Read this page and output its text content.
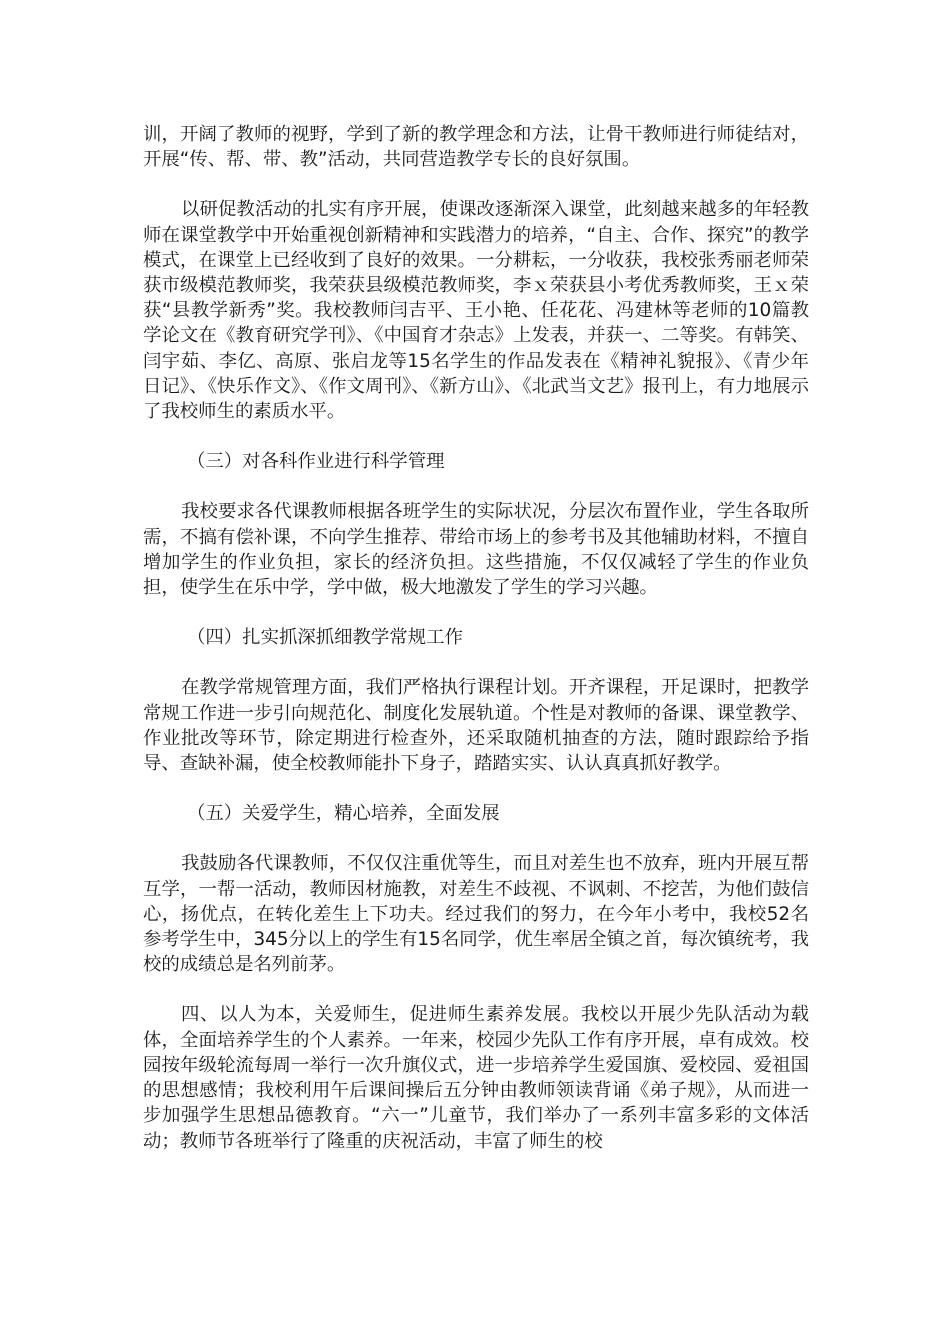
训，开阔了教师的视野，学到了新的教学理念和方法，让骨干教师进行师徒结对，开展“传、帮、带、教”活动，共同营造教学专长的良好氛围。

以研促教活动的扎实有序开展，使课改逐渐深入课堂，此刻越来越多的年轻教师在课堂教学中开始重视创新精神和实践潜力的培养，“自主、合作、探究”的教学模式，在课堂上已经收到了良好的效果。一分耕耘，一分收获，我校张秀丽老师荣获市级模范教师奖，我荣获县级模范教师奖，李ｘ荣获县小考优秀教师奖，王ｘ荣获“县教学新秀”奖。我校教师闫吉平、王小艳、任花花、冯建林等老师的10篇教学论文在《教育研究学刊》、《中国育才杂志》上发表，并获一、二等奖。有韩笑、闫宇茹、李亿、高原、张启龙等15名学生的作品发表在《精神礼貌报》、《青少年日记》、《快乐作文》、《作文周刊》、《新方山》、《北武当文艺》报刊上，有力地展示了我校师生的素质水平。

（三）对各科作业进行科学管理

我校要求各代课教师根据各班学生的实际状况，分层次布置作业，学生各取所需，不搞有偿补课，不向学生推荐、带给市场上的参考书及其他辅助材料，不擅自增加学生的作业负担，家长的经济负担。这些措施，不仅仅减轻了学生的作业负担，使学生在乐中学，学中做，极大地激发了学生的学习兴趣。

（四）扎实抓深抓细教学常规工作

在教学常规管理方面，我们严格执行课程计划。开齐课程，开足课时，把教学常规工作进一步引向规范化、制度化发展轨道。个性是对教师的备课、课堂教学、作业批改等环节，除定期进行检查外，还采取随机抽查的方法，随时跟踪给予指导、查缺补漏，使全校教师能扑下身子，踏踏实实、认认真真抓好教学。

（五）关爱学生，精心培养，全面发展

我鼓励各代课教师，不仅仅注重优等生，而且对差生也不放弃，班内开展互帮互学，一帮一活动，教师因材施教，对差生不歧视、不讽刺、不挖苦，为他们鼓信心，扬优点，在转化差生上下功夫。经过我们的努力，在今年小考中，我校52名参考学生中，345分以上的学生有15名同学，优生率居全镇之首，每次镇统考，我校的成绩总是名列前茅。

四、以人为本，关爱师生，促进师生素养发展。我校以开展少先队活动为载体，全面培养学生的个人素养。一年来，校园少先队工作有序开展，卓有成效。校园按年级轮流每周一举行一次升旗仪式，进一步培养学生爱国旗、爱校园、爱祖国的思想感情；我校利用午后课间操后五分钟由教师领读背诵《弟子规》，从而进一步加强学生思想品德教育。“六一”儿童节，我们举办了一系列丰富多彩的文体活动；教师节各班举行了隆重的庆祝活动，丰富了师生的校
